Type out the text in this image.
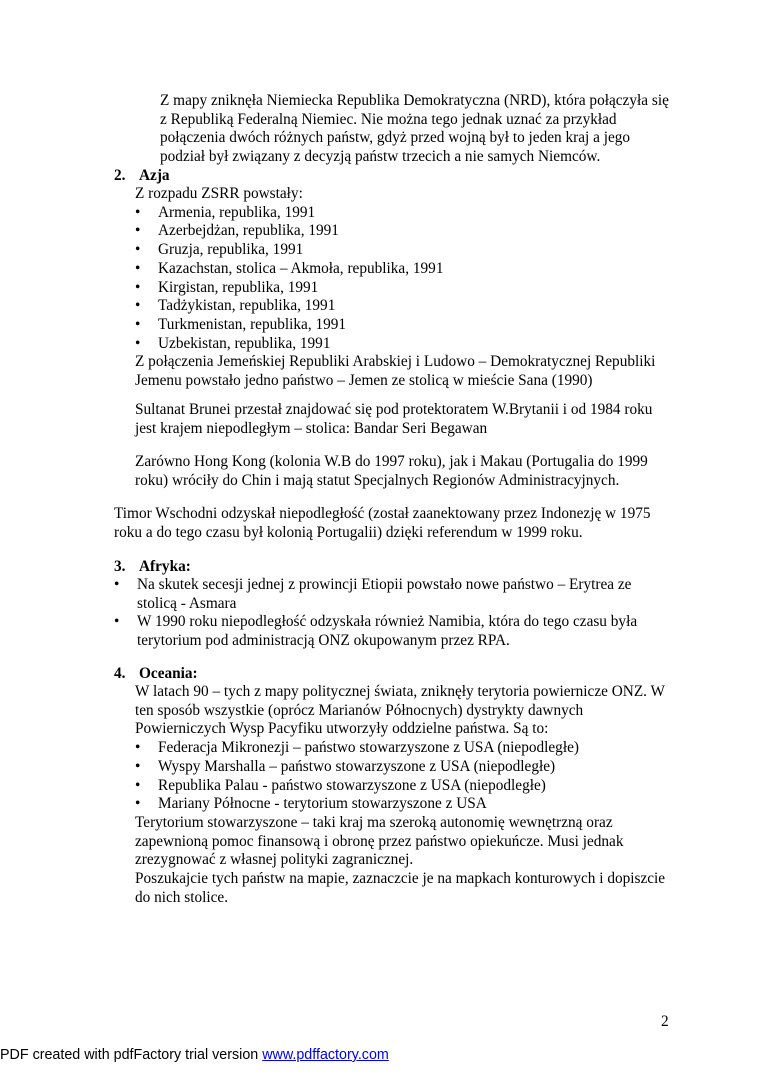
Z mapy zniknęła Niemiecka Republika Demokratyczna (NRD), która połączyła się
z Republiką Federalną Niemiec. Nie można tego jednak uznać za przykład
połączenia dwóch różnych państw, gdyż przed wojną był to jeden kraj a jego
podział był związany z decyzją państw trzecich a nie samych Niemców.
2. Azja
Z rozpadu ZSRR powstały:
• Armenia, republika, 1991
• Azerbejdżan, republika, 1991
• Gruzja, republika, 1991
• Kazachstan, stolica – Akmoła, republika, 1991
• Kirgistan, republika, 1991
• Tadżykistan, republika, 1991
• Turkmenistan, republika, 1991
• Uzbekistan, republika, 1991
Z połączenia Jemeńskiej Republiki Arabskiej i Ludowo – Demokratycznej Republiki
Jemenu powstało jedno państwo – Jemen ze stolicą w mieście Sana (1990)
Sultanat Brunei przestał znajdować się pod protektoratem W.Brytanii i od 1984 roku
jest krajem niepodległym – stolica: Bandar Seri Begawan
Zarówno Hong Kong (kolonia W.B do 1997 roku), jak i Makau (Portugalia do 1999
roku) wróciły do Chin i mają statut Specjalnych Regionów Administracyjnych.
Timor Wschodni odzyskał niepodległość (został zaanektowany przez Indonezję w 1975
roku a do tego czasu był kolonią Portugalii) dzięki referendum w 1999 roku.
3. Afryka:
• Na skutek secesji jednej z prowincji Etiopii powstało nowe państwo – Erytrea ze
stolicą - Asmara
• W 1990 roku niepodległość odzyskała również Namibia, która do tego czasu była
terytorium pod administracją ONZ okupowanym przez RPA.
4. Oceania:
W latach 90 – tych z mapy politycznej świata, zniknęły terytoria powiernicze ONZ. W
ten sposób wszystkie (oprócz Marianów Północnych) dystrykty dawnych
Powierniczych Wysp Pacyfiku utworzyły oddzielne państwa. Są to:
• Federacja Mikronezji – państwo stowarzyszone z USA (niepodległe)
• Wyspy Marshalla – państwo stowarzyszone z USA (niepodległe)
• Republika Palau - państwo stowarzyszone z USA (niepodległe)
• Mariany Północne - terytorium stowarzyszone z USA
Terytorium stowarzyszone – taki kraj ma szeroką autonomię wewnętrzną oraz
zapewnioną pomoc finansową i obronę przez państwo opiekuńcze. Musi jednak
zrezygnować z własnej polityki zagranicznej.
Poszukajcie tych państw na mapie, zaznaczcie je na mapkach konturowych i dopiszcie
do nich stolice.
2
PDF created with pdfFactory trial version www.pdffactory.com
